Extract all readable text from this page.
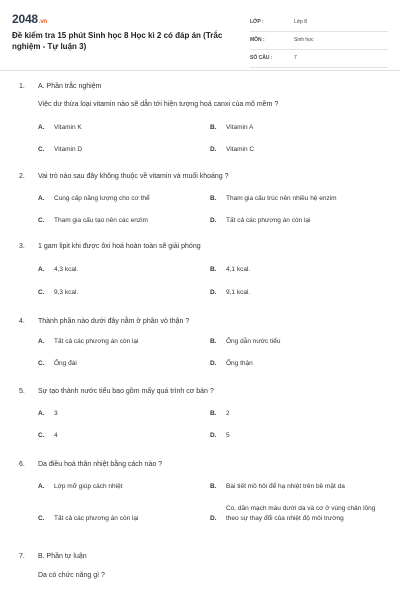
2048.vn
Đề kiểm tra 15 phút Sinh học 8 Học kì 2 có đáp án (Trắc nghiệm - Tự luận 3)
LỚP :	Lớp 8
MÔN :	Sinh học
SỐ CÂU :	7
1. A. Phần trắc nghiệm
Việc dư thừa loại vitamin nào sẽ dẫn tới hiện tượng hoá canxi của mô mềm ?
A. Vitamin K	B. Vitamin A
C. Vitamin D	D. Vitamin C
2. Vai trò nào sau đây không thuộc về vitamin và muối khoáng ?
A. Cung cấp năng lượng cho cơ thể	B. Tham gia cấu trúc nên nhiều hệ enzim
C. Tham gia cấu tạo nên các enzim	D. Tất cả các phương án còn lại
3. 1 gam lipit khi được ôxi hoá hoàn toàn sẽ giải phóng
A. 4,3 kcal.	B. 4,1 kcal.
C. 9,3 kcal.	D. 9,1 kcal.
4. Thành phần nào dưới đây nằm ở phần vỏ thận ?
A. Tất cả các phương án còn lại	B. Ống dẫn nước tiểu
C. Ống đái	D. Ống thận
5. Sự tạo thành nước tiểu bao gồm mấy quá trình cơ bản ?
A. 3	B. 2
C. 4	D. 5
6. Da điều hoà thân nhiệt bằng cách nào ?
A. Lớp mỡ giúp cách nhiệt	B. Bài tiết mồ hôi để hạ nhiệt trên bề mặt da
C. Tất cả các phương án còn lại	D.
Co, dãn mạch máu dưới da và cơ ở vùng chân lông theo sự thay đổi của nhiệt độ môi trường
7. B. Phần tự luận
Da có chức năng gì ?
